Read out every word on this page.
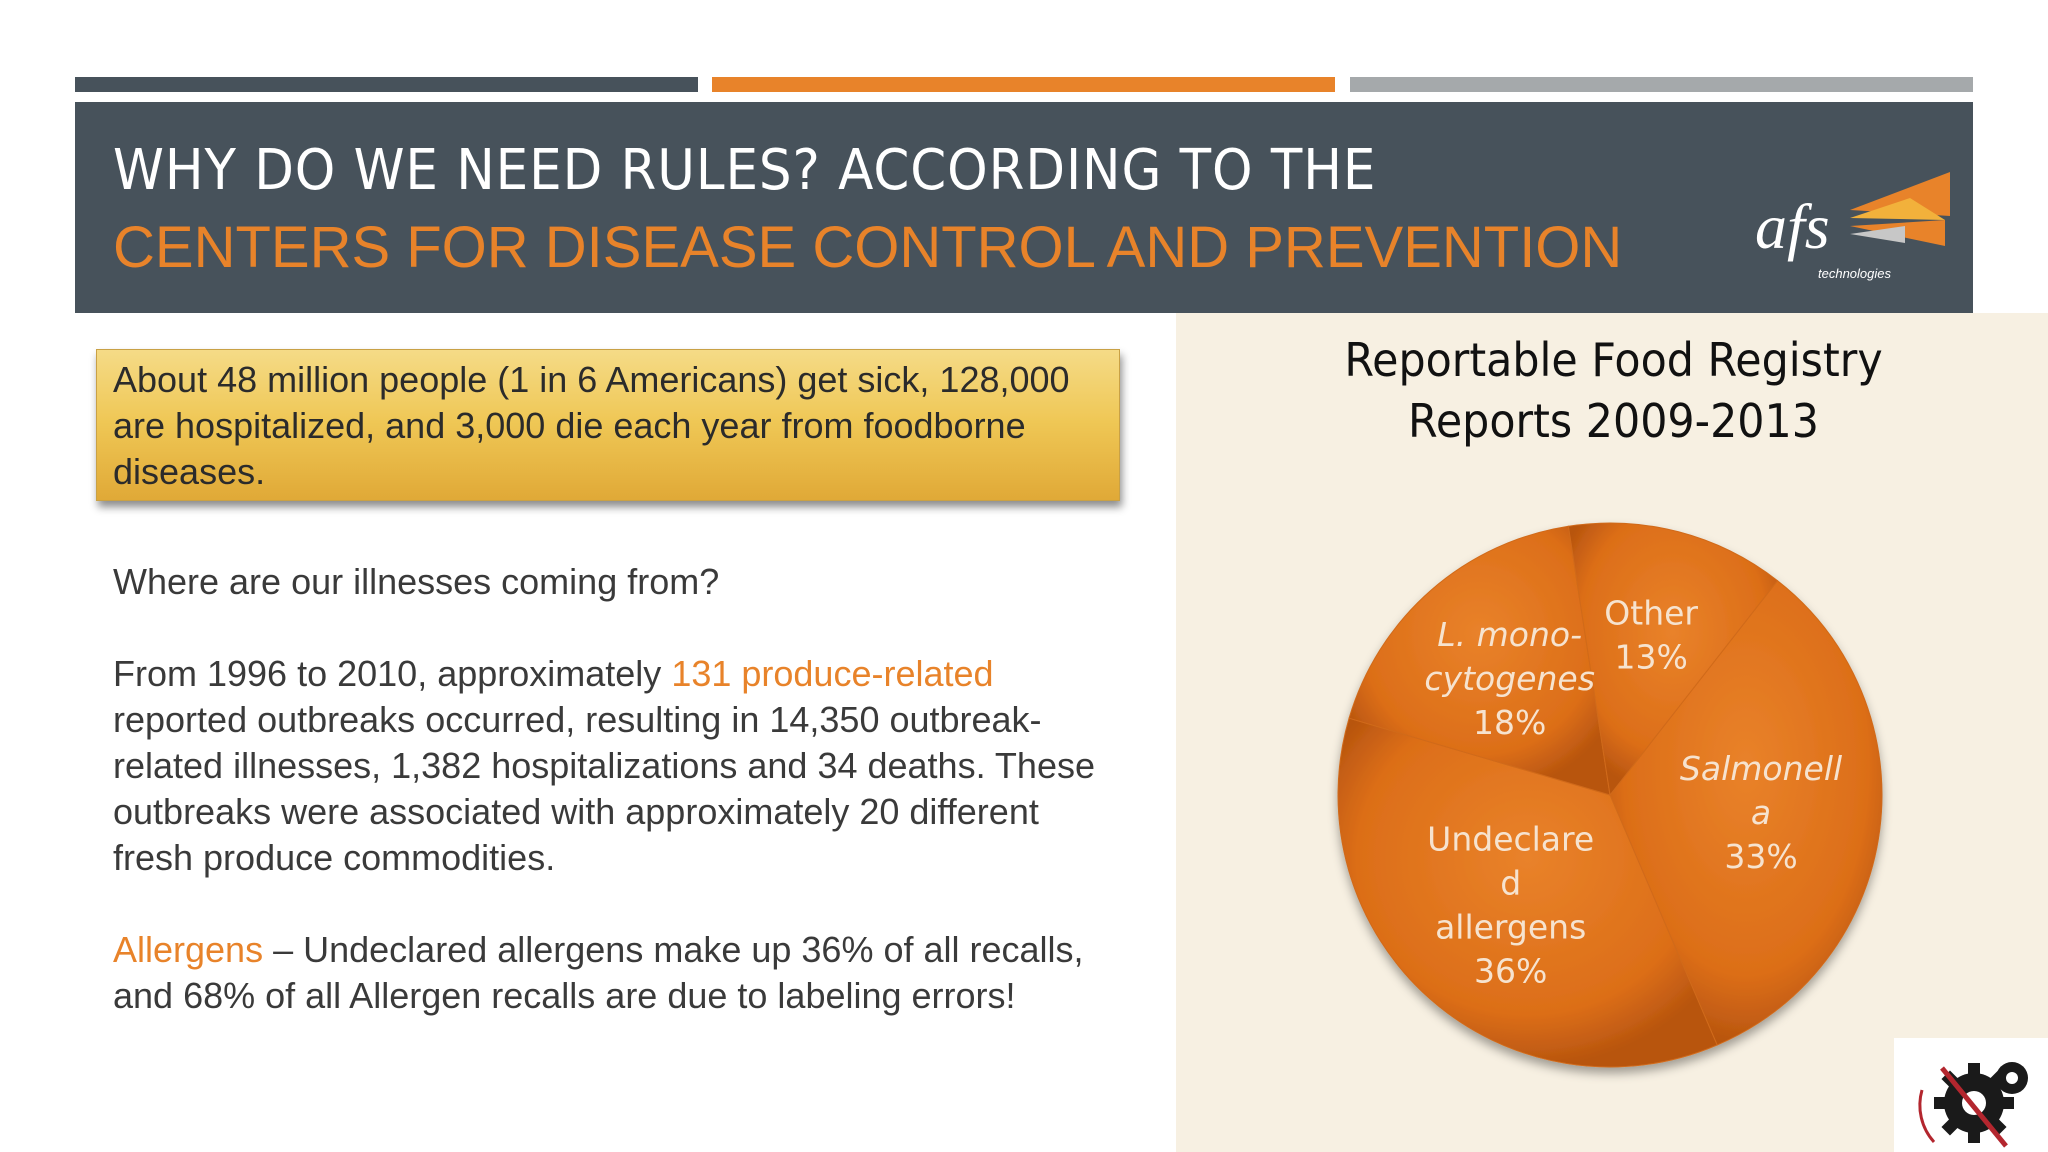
WHY DO WE NEED RULES? ACCORDING TO THE
CENTERS FOR DISEASE CONTROL AND PREVENTION afs
technologies
Reportable Food Registry
Reports 2009-2013
Salmonell
a
33%
Undeclare
d
allergens
36%
L. mono-
cytogenes
18%
Other
13%
About 48 million people (1 in 6 Americans) get sick, 128,000 are hospitalized, and 3,000 die each year from foodborne diseases.

Where are our illnesses coming from?

From 1996 to 2010, approximately 131 produce-related reported outbreaks occurred, resulting in 14,350 outbreak-related illnesses, 1,382 hospitalizations and 34 deaths. These outbreaks were associated with approximately 20 different fresh produce commodities.

Allergens – Undeclared allergens make up 36% of all recalls, and 68% of all Allergen recalls are due to labeling errors!
